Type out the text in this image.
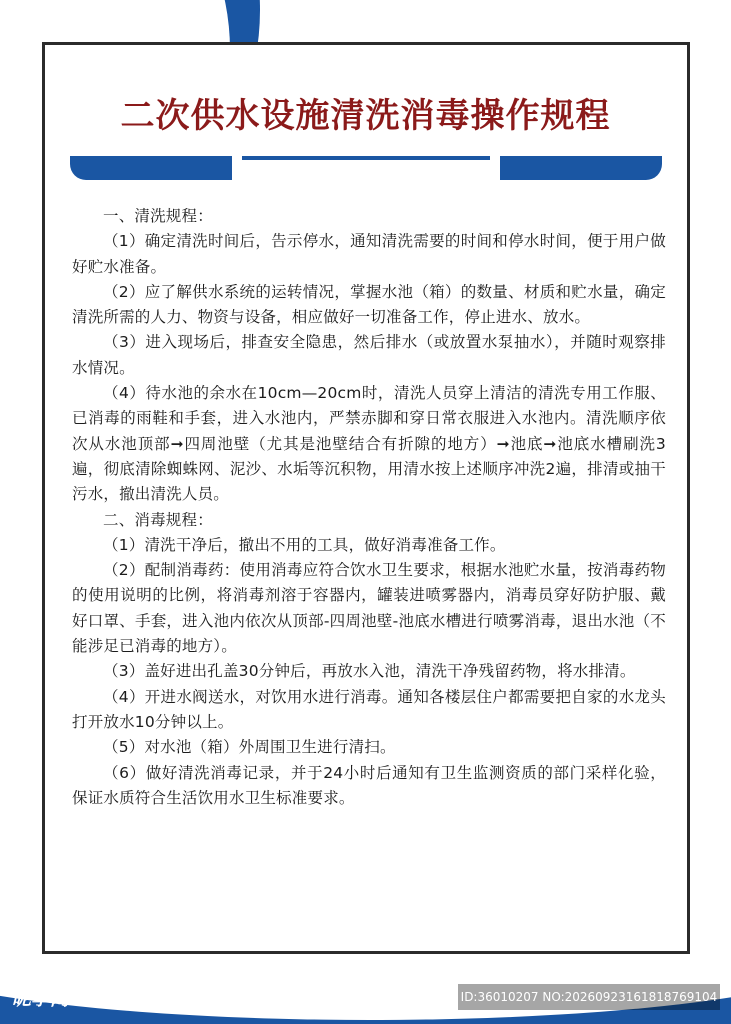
二次供水设施清洗消毒操作规程

一、清洗规程：

（1）确定清洗时间后，告示停水，通知清洗需要的时间和停水时间，便于用户做好贮水准备。

（2）应了解供水系统的运转情况，掌握水池（箱）的数量、材质和贮水量，确定清洗所需的人力、物资与设备，相应做好一切准备工作，停止进水、放水。

（3）进入现场后，排查安全隐患，然后排水（或放置水泵抽水），并随时观察排水情况。

（4）待水池的余水在10cm—20cm时，清洗人员穿上清洁的清洗专用工作服、已消毒的雨鞋和手套，进入水池内，严禁赤脚和穿日常衣服进入水池内。清洗顺序依次从水池顶部➞四周池壁（尤其是池壁结合有折隙的地方）➞池底➞池底水槽刷洗3遍，彻底清除蜘蛛网、泥沙、水垢等沉积物，用清水按上述顺序冲洗2遍，排清或抽干污水，撤出清洗人员。

二、消毒规程：

（1）清洗干净后，撤出不用的工具，做好消毒准备工作。

（2）配制消毒药：使用消毒应符合饮水卫生要求，根据水池贮水量，按消毒药物的使用说明的比例，将消毒剂溶于容器内，罐装进喷雾器内，消毒员穿好防护服、戴好口罩、手套，进入池内依次从顶部-四周池壁-池底水槽进行喷雾消毒，退出水池（不能涉足已消毒的地方）。

（3）盖好进出孔盖30分钟后，再放水入池，清洗干净残留药物，将水排清。

（4）开进水阀送水，对饮用水进行消毒。通知各楼层住户都需要把自家的水龙头打开放水10分钟以上。

（5）对水池（箱）外周围卫生进行清扫。

（6）做好清洗消毒记录，并于24小时后通知有卫生监测资质的部门采样化验，保证水质符合生活饮用水卫生标准要求。

昵享网 www.nipic.cn	ID:36010207 NO:20260923161818769104
